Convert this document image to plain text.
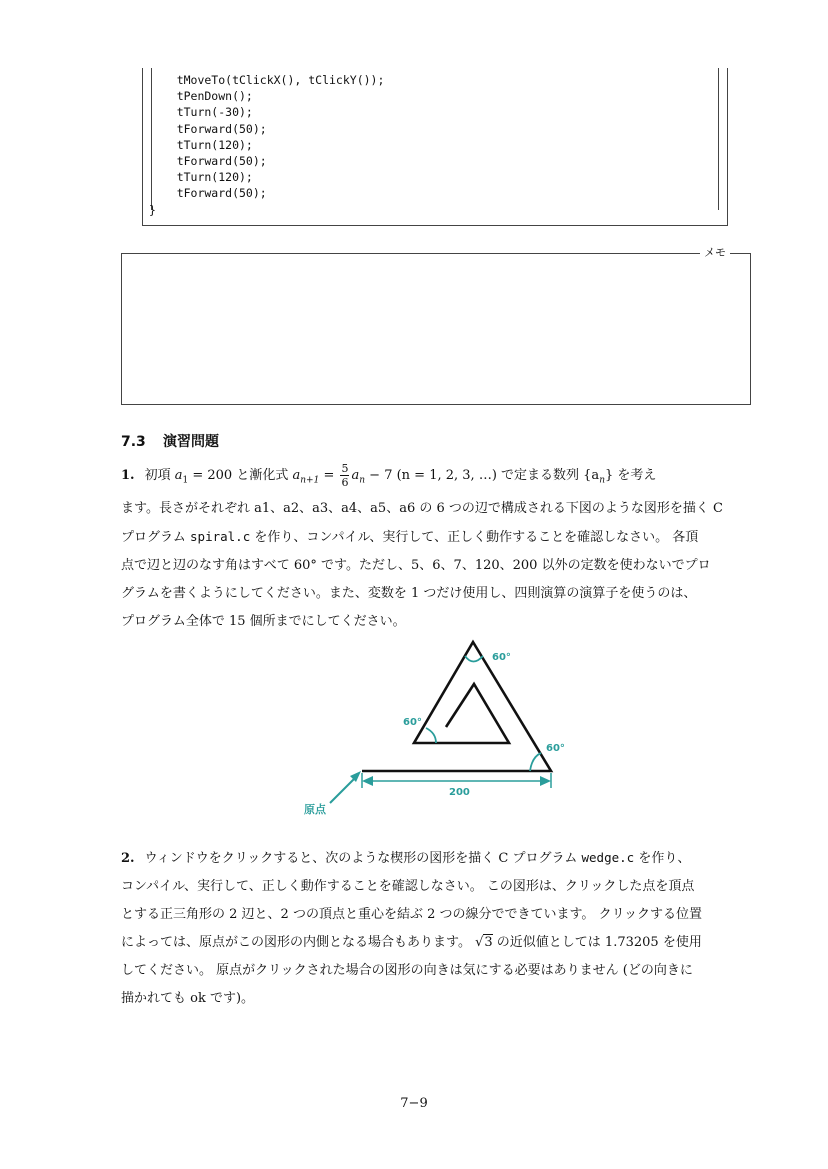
tMoveTo(tClickX(), tClickY());
tPenDown();
tTurn(-30);
tForward(50);
tTurn(120);
tForward(50);
tTurn(120);
tForward(50);
}
メモ
7.3 演習問題
1. 初項 $a_1 = 200$ と漸化式 $a_{n+1} = \frac{5}{6} a_n - 7$ (n = 1, 2, 3, …) で定まる数列 $\{a_n\}$ を考え
ます。長さがそれぞれ a1、a2、a3、a4、a5、a6 の 6 つの辺で構成される下図のような図形を描く C
プログラム spiral.c を作り、コンパイル、実行して、正しく動作することを確認しなさい。 各頂
点で辺と辺のなす角はすべて 60° です。ただし、5、6、7、120、200 以外の定数を使わないでプロ
グラムを書くようにしてください。また、変数を 1 つだけ使用し、四則演算の演算子を使うのは、
プログラム全体で 15 個所までにしてください。
60°
60°
60°
200
原点
2. ウィンドウをクリックすると、次のような楔形の図形を描く C プログラム wedge.c を作り、
コンパイル、実行して、正しく動作することを確認しなさい。 この図形は、クリックした点を頂点
とする正三角形の 2 辺と、2 つの頂点と重心を結ぶ 2 つの線分でできています。 クリックする位置
によっては、原点がこの図形の内側となる場合もあります。 √3 の近似値としては 1.73205 を使用
してください。 原点がクリックされた場合の図形の向きは気にする必要はありません (どの向きに
描かれても ok です)。
7−9
